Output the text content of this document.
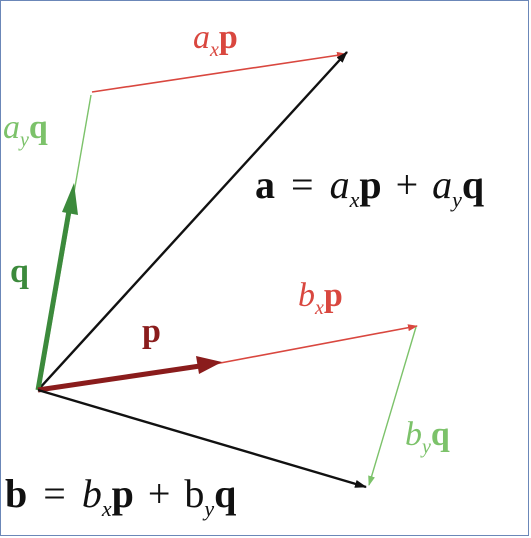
$a_xp$
$a_yq$
q
p
$b_xp$
$b_yq$
$a = a_xp + a_yq$
$b = b_xp + b_yq$
